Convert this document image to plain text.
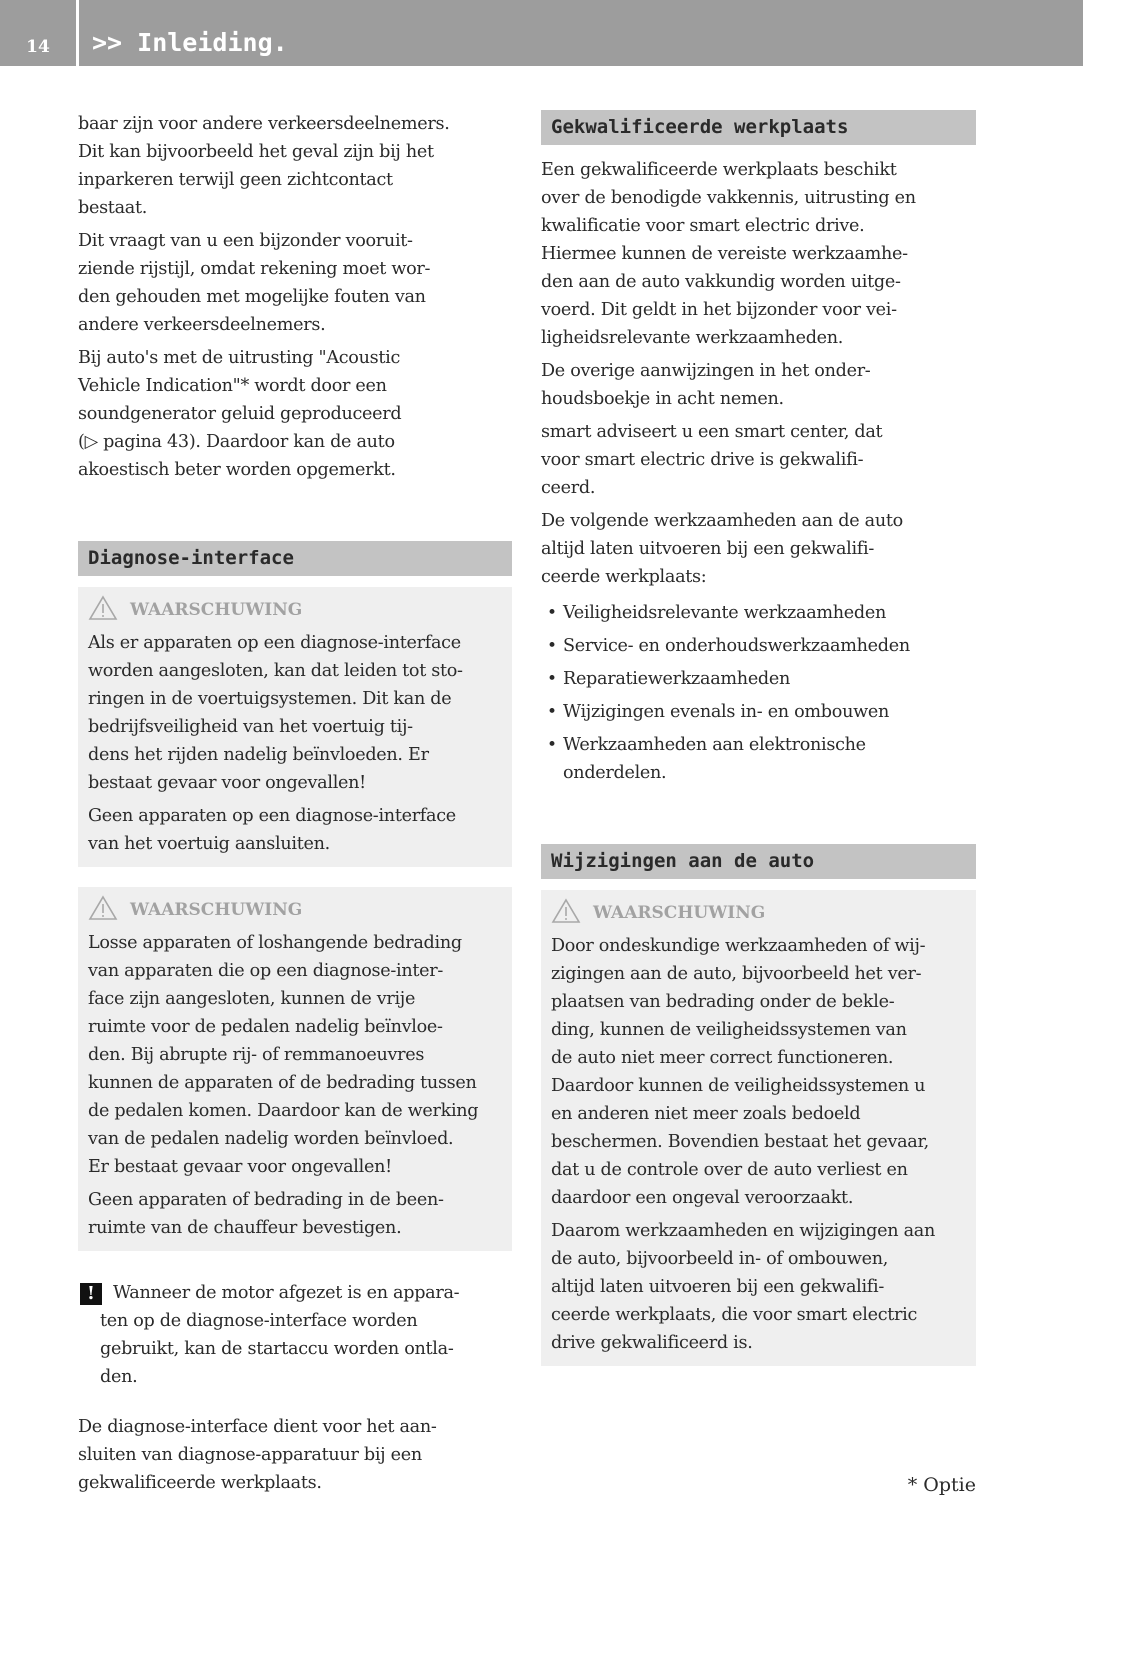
14	>> Inleiding.
baar zijn voor andere verkeersdeelnemers.
Dit kan bijvoorbeeld het geval zijn bij het
inparkeren terwijl geen zichtcontact
bestaat.
Dit vraagt van u een bijzonder vooruit-
ziende rijstijl, omdat rekening moet wor-
den gehouden met mogelijke fouten van
andere verkeersdeelnemers.
Bij auto's met de uitrusting "Acoustic
Vehicle Indication"* wordt door een
soundgenerator geluid geproduceerd
(▷ pagina 43). Daardoor kan de auto
akoestisch beter worden opgemerkt.
Diagnose-interface
WAARSCHUWING
Als er apparaten op een diagnose-interface
worden aangesloten, kan dat leiden tot sto-
ringen in de voertuigsystemen. Dit kan de
bedrijfsveiligheid van het voertuig tij-
dens het rijden nadelig beïnvloeden. Er
bestaat gevaar voor ongevallen!
Geen apparaten op een diagnose-interface
van het voertuig aansluiten.
WAARSCHUWING
Losse apparaten of loshangende bedrading
van apparaten die op een diagnose-inter-
face zijn aangesloten, kunnen de vrije
ruimte voor de pedalen nadelig beïnvloe-
den. Bij abrupte rij- of remmanoeuvres
kunnen de apparaten of de bedrading tussen
de pedalen komen. Daardoor kan de werking
van de pedalen nadelig worden beïnvloed.
Er bestaat gevaar voor ongevallen!
Geen apparaten of bedrading in de been-
ruimte van de chauffeur bevestigen.
!	Wanneer de motor afgezet is en appara-
ten op de diagnose-interface worden
gebruikt, kan de startaccu worden ontla-
den.
De diagnose-interface dient voor het aan-
sluiten van diagnose-apparatuur bij een
gekwalificeerde werkplaats.
Gekwalificeerde werkplaats
Een gekwalificeerde werkplaats beschikt
over de benodigde vakkennis, uitrusting en
kwalificatie voor smart electric drive.
Hiermee kunnen de vereiste werkzaamhe-
den aan de auto vakkundig worden uitge-
voerd. Dit geldt in het bijzonder voor vei-
ligheidsrelevante werkzaamheden.
De overige aanwijzingen in het onder-
houdsboekje in acht nemen.
smart adviseert u een smart center, dat
voor smart electric drive is gekwalifi-
ceerd.
De volgende werkzaamheden aan de auto
altijd laten uitvoeren bij een gekwalifi-
ceerde werkplaats:
• Veiligheidsrelevante werkzaamheden
• Service- en onderhoudswerkzaamheden
• Reparatiewerkzaamheden
• Wijzigingen evenals in- en ombouwen
• Werkzaamheden aan elektronische
onderdelen.
Wijzigingen aan de auto
WAARSCHUWING
Door ondeskundige werkzaamheden of wij-
zigingen aan de auto, bijvoorbeeld het ver-
plaatsen van bedrading onder de bekle-
ding, kunnen de veiligheidssystemen van
de auto niet meer correct functioneren.
Daardoor kunnen de veiligheidssystemen u
en anderen niet meer zoals bedoeld
beschermen. Bovendien bestaat het gevaar,
dat u de controle over de auto verliest en
daardoor een ongeval veroorzaakt.
Daarom werkzaamheden en wijzigingen aan
de auto, bijvoorbeeld in- of ombouwen,
altijd laten uitvoeren bij een gekwalifi-
ceerde werkplaats, die voor smart electric
drive gekwalificeerd is.
* Optie
